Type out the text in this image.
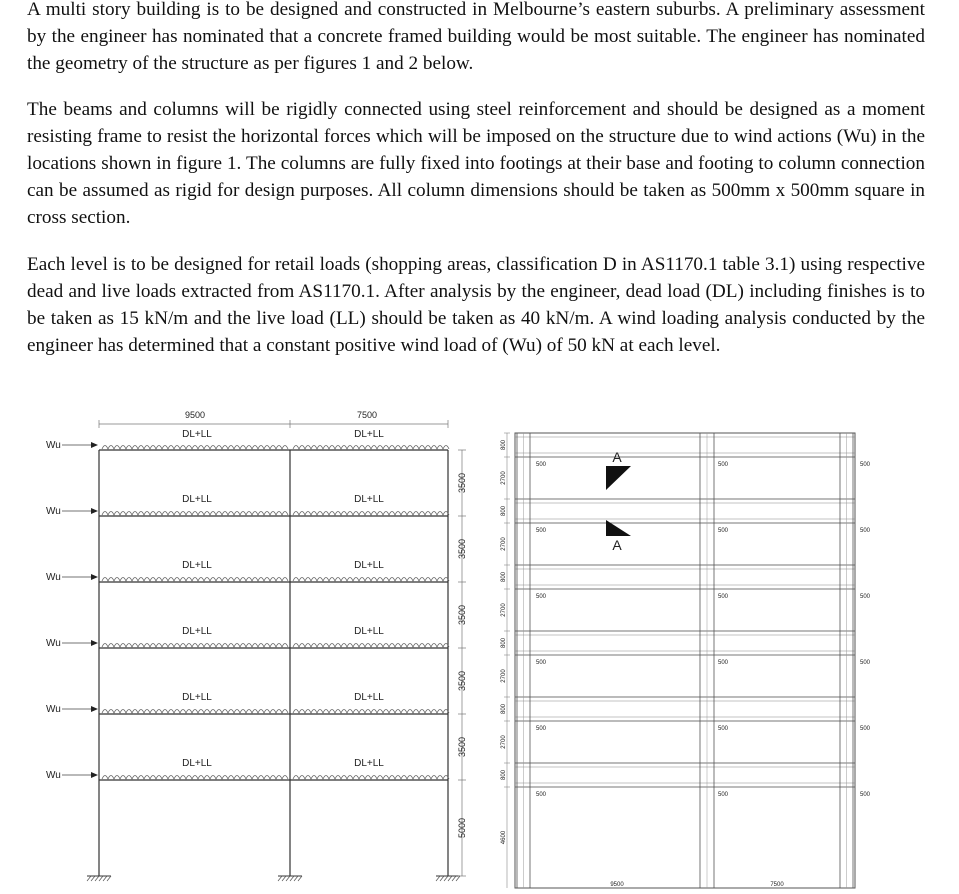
A multi story building is to be designed and constructed in Melbourne’s eastern suburbs. A preliminary assessment by the engineer has nominated that a concrete framed building would be most suitable. The engineer has nominated the geometry of the structure as per figures 1 and 2 below.

The beams and columns will be rigidly connected using steel reinforcement and should be designed as a moment resisting frame to resist the horizontal forces which will be imposed on the structure due to wind actions (Wu) in the locations shown in figure 1. The columns are fully fixed into footings at their base and footing to column connection can be assumed as rigid for design purposes. All column dimensions should be taken as 500mm x 500mm square in cross section.

Each level is to be designed for retail loads (shopping areas, classification D in AS1170.1 table 3.1) using respective dead and live loads extracted from AS1170.1. After analysis by the engineer, dead load (DL) including finishes is to be taken as 15 kN/m and the live load (LL) should be taken as 40 kN/m. A wind loading analysis conducted by the engineer has determined that a constant positive wind load of (Wu) of 50 kN at each level.

DL+LL	DL+LL
DL+LL	DL+LL
DL+LL	DL+LL
DL+LL	DL+LL
DL+LL	DL+LL
DL+LL	DL+LL
9500	7500
Wu
Wu
Wu
Wu
Wu
Wu
3500
3500
3500
3500
3500
5000
500	500	500
500	500	500
500	500	500
500	500	500
500	500	500
500	500	500
800
2700
800
2700
800
2700
800
2700
800
2700
800
4600
A
A
9500	7500
